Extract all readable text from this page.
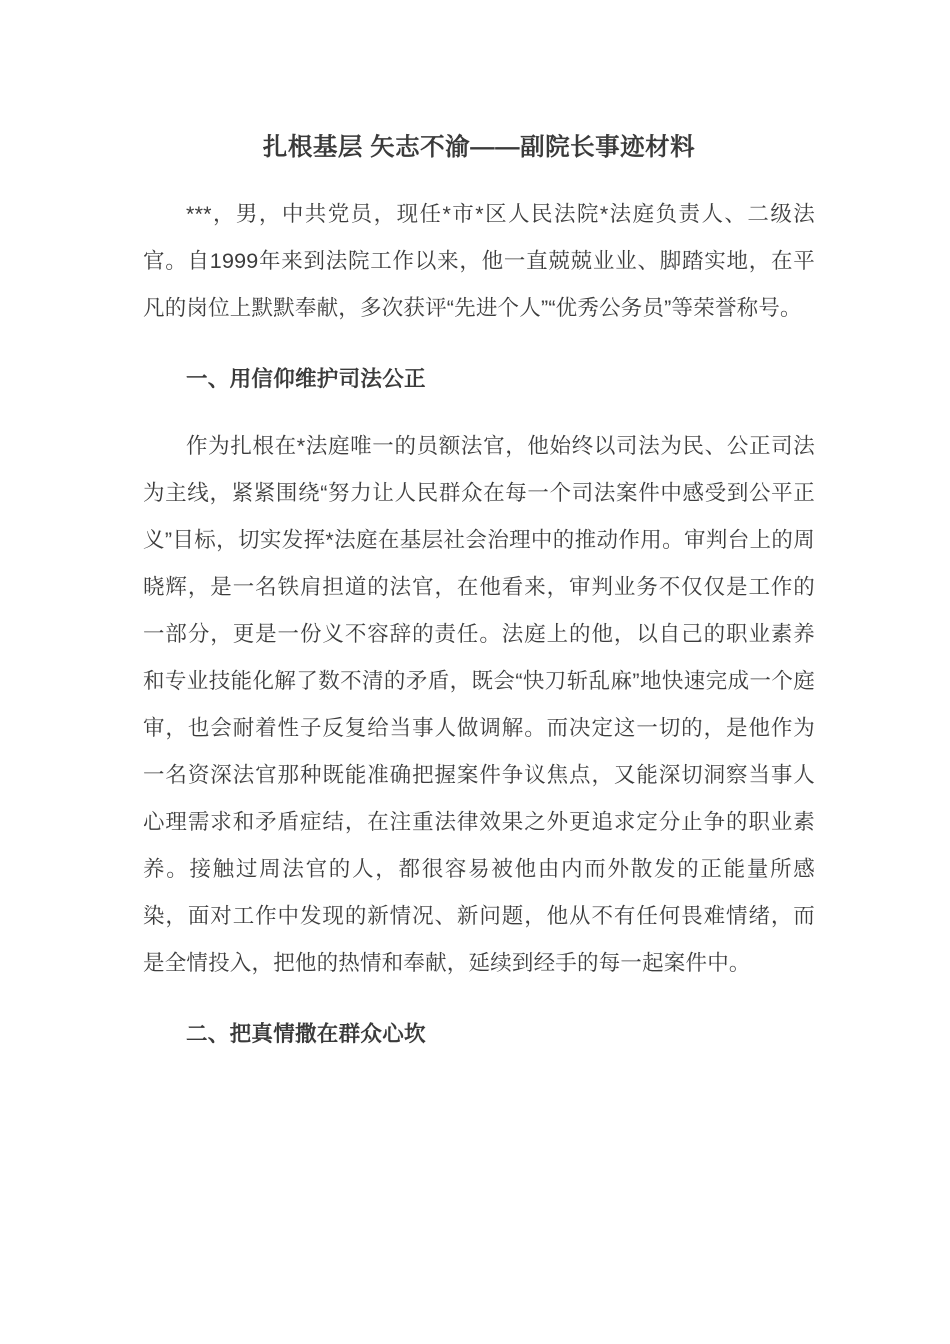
扎根基层 矢志不渝——副院长事迹材料

***，男，中共党员，现任*市*区人民法院*法庭负责人、二级法官。自1999年来到法院工作以来，他一直兢兢业业、脚踏实地，在平凡的岗位上默默奉献，多次获评“先进个人”“优秀公务员”等荣誉称号。

一、用信仰维护司法公正

作为扎根在*法庭唯一的员额法官，他始终以司法为民、公正司法为主线，紧紧围绕“努力让人民群众在每一个司法案件中感受到公平正义”目标，切实发挥*法庭在基层社会治理中的推动作用。审判台上的周晓辉，是一名铁肩担道的法官，在他看来，审判业务不仅仅是工作的一部分，更是一份义不容辞的责任。法庭上的他，以自己的职业素养和专业技能化解了数不清的矛盾，既会“快刀斩乱麻”地快速完成一个庭审，也会耐着性子反复给当事人做调解。而决定这一切的，是他作为一名资深法官那种既能准确把握案件争议焦点，又能深切洞察当事人心理需求和矛盾症结，在注重法律效果之外更追求定分止争的职业素养。接触过周法官的人，都很容易被他由内而外散发的正能量所感染，面对工作中发现的新情况、新问题，他从不有任何畏难情绪，而是全情投入，把他的热情和奉献，延续到经手的每一起案件中。

二、把真情撒在群众心坎
